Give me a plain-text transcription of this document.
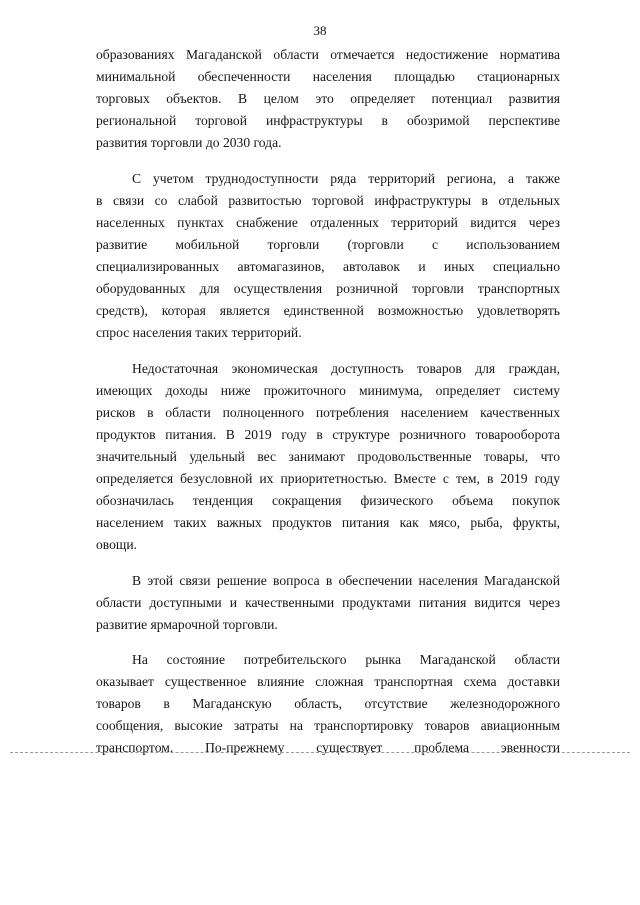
38

образованиях Магаданской области отмечается недостижение норматива
минимальной обеспеченности населения площадью стационарных
торговых объектов. В целом это определяет потенциал развития
региональной торговой инфраструктуры в обозримой перспективе
развития торговли до 2030 года.

С учетом труднодоступности ряда территорий региона, а также
в связи со слабой развитостью торговой инфраструктуры в отдельных
населенных пунктах снабжение отдаленных территорий видится через
развитие мобильной торговли (торговли с использованием
специализированных автомагазинов, автолавок и иных специально
оборудованных для осуществления розничной торговли транспортных
средств), которая является единственной возможностью удовлетворять
спрос населения таких территорий.

Недостаточная экономическая доступность товаров для граждан,
имеющих доходы ниже прожиточного минимума, определяет систему
рисков в области полноценного потребления населением качественных
продуктов питания. В 2019 году в структуре розничного товарооборота
значительный удельный вес занимают продовольственные товары, что
определяется безусловной их приоритетностью. Вместе с тем, в 2019 году
обозначилась тенденция сокращения физического объема покупок
населением таких важных продуктов питания как мясо, рыба, фрукты,
овощи.

В этой связи решение вопроса в обеспечении населения Магаданской
области доступными и качественными продуктами питания видится через
развитие ярмарочной торговли.

На состояние потребительского рынка Магаданской области
оказывает существенное влияние сложная транспортная схема доставки
товаров в Магаданскую область, отсутствие железнодорожного
сообщения, высокие затраты на транспортировку товаров авиационным
транспортом. По-прежнему существует проблема эвенности
